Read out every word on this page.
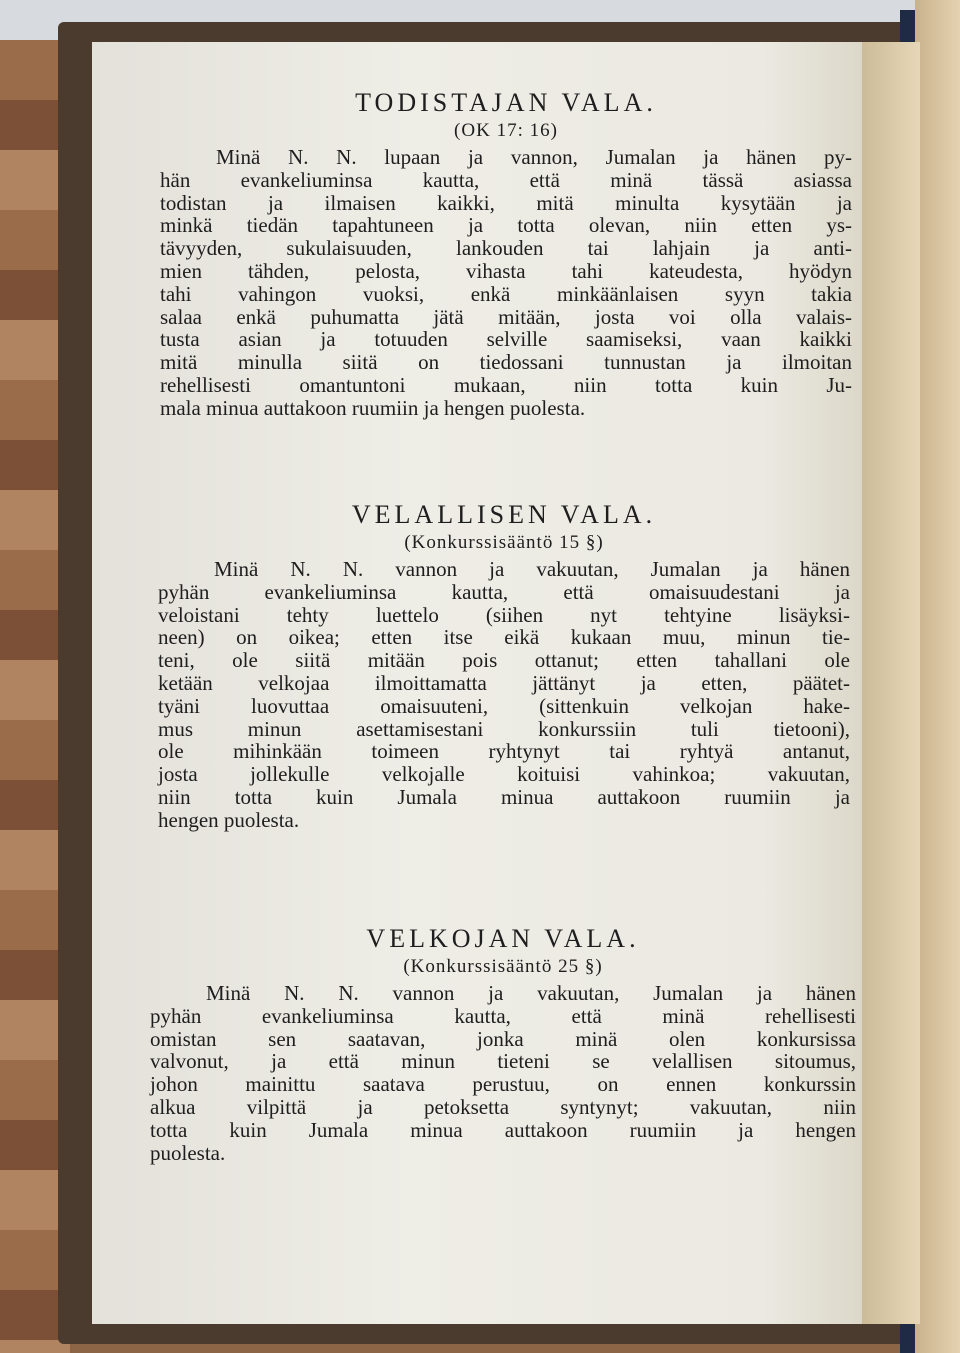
TODISTAJAN VALA.
(OK 17: 16)
Minä N. N. lupaan ja vannon, Jumalan ja hänen py-
hän evankeliuminsa kautta, että minä tässä asiassa
todistan ja ilmaisen kaikki, mitä minulta kysytään ja
minkä tiedän tapahtuneen ja totta olevan, niin etten ys-
tävyyden, sukulaisuuden, lankouden tai lahjain ja anti-
mien tähden, pelosta, vihasta tahi kateudesta, hyödyn
tahi vahingon vuoksi, enkä minkäänlaisen syyn takia
salaa enkä puhumatta jätä mitään, josta voi olla valais-
tusta asian ja totuuden selville saamiseksi, vaan kaikki
mitä minulla siitä on tiedossani tunnustan ja ilmoitan
rehellisesti omantuntoni mukaan, niin totta kuin Ju-
mala minua auttakoon ruumiin ja hengen puolesta.
VELALLISEN VALA.
(Konkurssisääntö 15 §)
Minä N. N. vannon ja vakuutan, Jumalan ja hänen
pyhän evankeliuminsa kautta, että omaisuudestani ja
veloistani tehty luettelo (siihen nyt tehtyine lisäyksi-
neen) on oikea; etten itse eikä kukaan muu, minun tie-
teni, ole siitä mitään pois ottanut; etten tahallani ole
ketään velkojaa ilmoittamatta jättänyt ja etten, päätet-
tyäni luovuttaa omaisuuteni, (sittenkuin velkojan hake-
mus minun asettamisestani konkurssiin tuli tietooni),
ole mihinkään toimeen ryhtynyt tai ryhtyä antanut,
josta jollekulle velkojalle koituisi vahinkoa; vakuutan,
niin totta kuin Jumala minua auttakoon ruumiin ja
hengen puolesta.
VELKOJAN VALA.
(Konkurssisääntö 25 §)
Minä N. N. vannon ja vakuutan, Jumalan ja hänen
pyhän evankeliuminsa kautta, että minä rehellisesti
omistan sen saatavan, jonka minä olen konkursissa
valvonut, ja että minun tieteni se velallisen sitoumus,
johon mainittu saatava perustuu, on ennen konkurssin
alkua vilpittä ja petoksetta syntynyt; vakuutan, niin
totta kuin Jumala minua auttakoon ruumiin ja hengen
puolesta.
